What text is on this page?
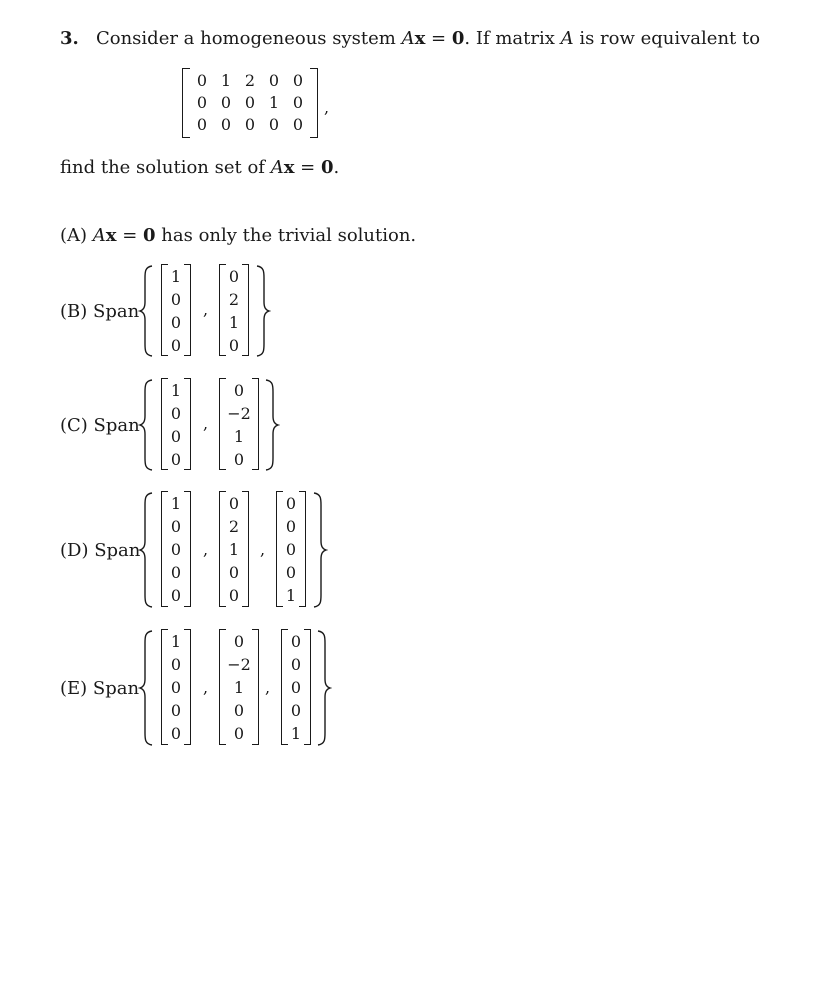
3. Consider a homogeneous system Ax = 0. If matrix A is row equivalent to
0 1 2 0 0
0 0 0 1 0
0 0 0 0 0
,
find the solution set of Ax = 0.
(A) Ax = 0 has only the trivial solution.
(B) Span
1
0
0
0
,
0
2
1
0
(C) Span
1
0
0
0
,
0
−2
1
0
(D) Span
1
0
0
0
0
,
0
2
1
0
0
,
0
0
0
0
1
(E) Span
1
0
0
0
0
,
0
−2
1
0
0
,
0
0
0
0
1
